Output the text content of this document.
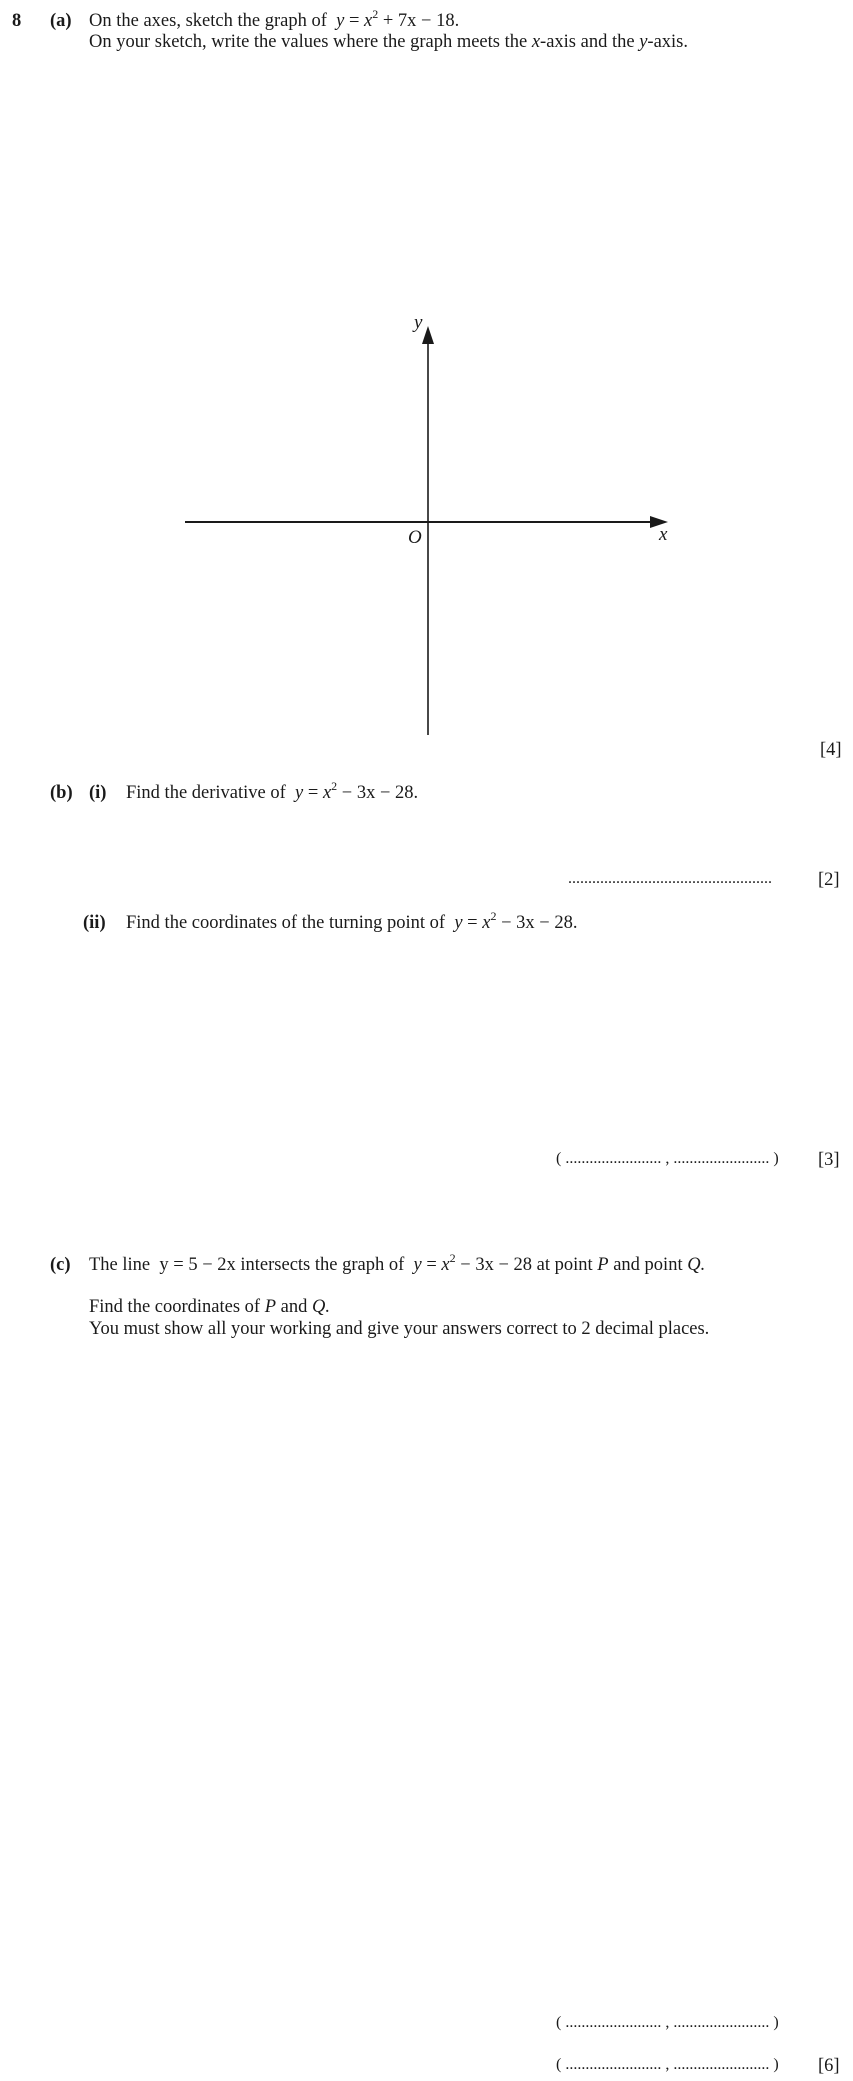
8 (a) On the axes, sketch the graph of $y = x^2 + 7x - 18$.
On your sketch, write the values where the graph meets the x-axis and the y-axis.
y
x
O
[4]
(b) (i) Find the derivative of $y = x^2 - 3x - 28$.
................................................... [2]
(ii) Find the coordinates of the turning point of $y = x^2 - 3x - 28$.
( ........................ , ........................ ) [3]
(c) The line y = 5 − 2x intersects the graph of $y = x^2 - 3x - 28$ at point P and point Q.
Find the coordinates of P and Q.
You must show all your working and give your answers correct to 2 decimal places.
( ........................ , ........................ )
( ........................ , ........................ ) [6]
